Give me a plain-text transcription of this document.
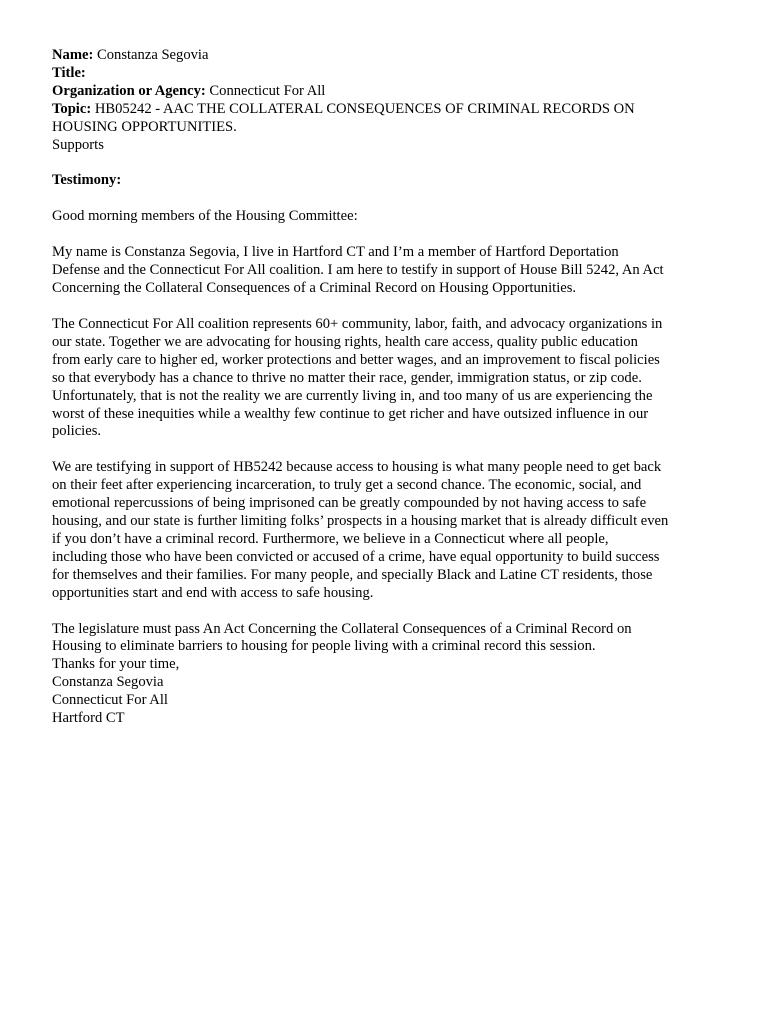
Name: Constanza Segovia
Title:
Organization or Agency: Connecticut For All
Topic: HB05242 - AAC THE COLLATERAL CONSEQUENCES OF CRIMINAL RECORDS ON
HOUSING OPPORTUNITIES.
Supports
Testimony:
Good morning members of the Housing Committee:
My name is Constanza Segovia, I live in Hartford CT and I’m a member of Hartford Deportation
Defense and the Connecticut For All coalition. I am here to testify in support of House Bill 5242, An Act
Concerning the Collateral Consequences of a Criminal Record on Housing Opportunities.
The Connecticut For All coalition represents 60+ community, labor, faith, and advocacy organizations in
our state. Together we are advocating for housing rights, health care access, quality public education
from early care to higher ed, worker protections and better wages, and an improvement to fiscal policies
so that everybody has a chance to thrive no matter their race, gender, immigration status, or zip code.
Unfortunately, that is not the reality we are currently living in, and too many of us are experiencing the
worst of these inequities while a wealthy few continue to get richer and have outsized influence in our
policies.
We are testifying in support of HB5242 because access to housing is what many people need to get back
on their feet after experiencing incarceration, to truly get a second chance. The economic, social, and
emotional repercussions of being imprisoned can be greatly compounded by not having access to safe
housing, and our state is further limiting folks’ prospects in a housing market that is already difficult even
if you don’t have a criminal record. Furthermore, we believe in a Connecticut where all people,
including those who have been convicted or accused of a crime, have equal opportunity to build success
for themselves and their families. For many people, and specially Black and Latine CT residents, those
opportunities start and end with access to safe housing.
The legislature must pass An Act Concerning the Collateral Consequences of a Criminal Record on
Housing to eliminate barriers to housing for people living with a criminal record this session.
Thanks for your time,
Constanza Segovia
Connecticut For All
Hartford CT
